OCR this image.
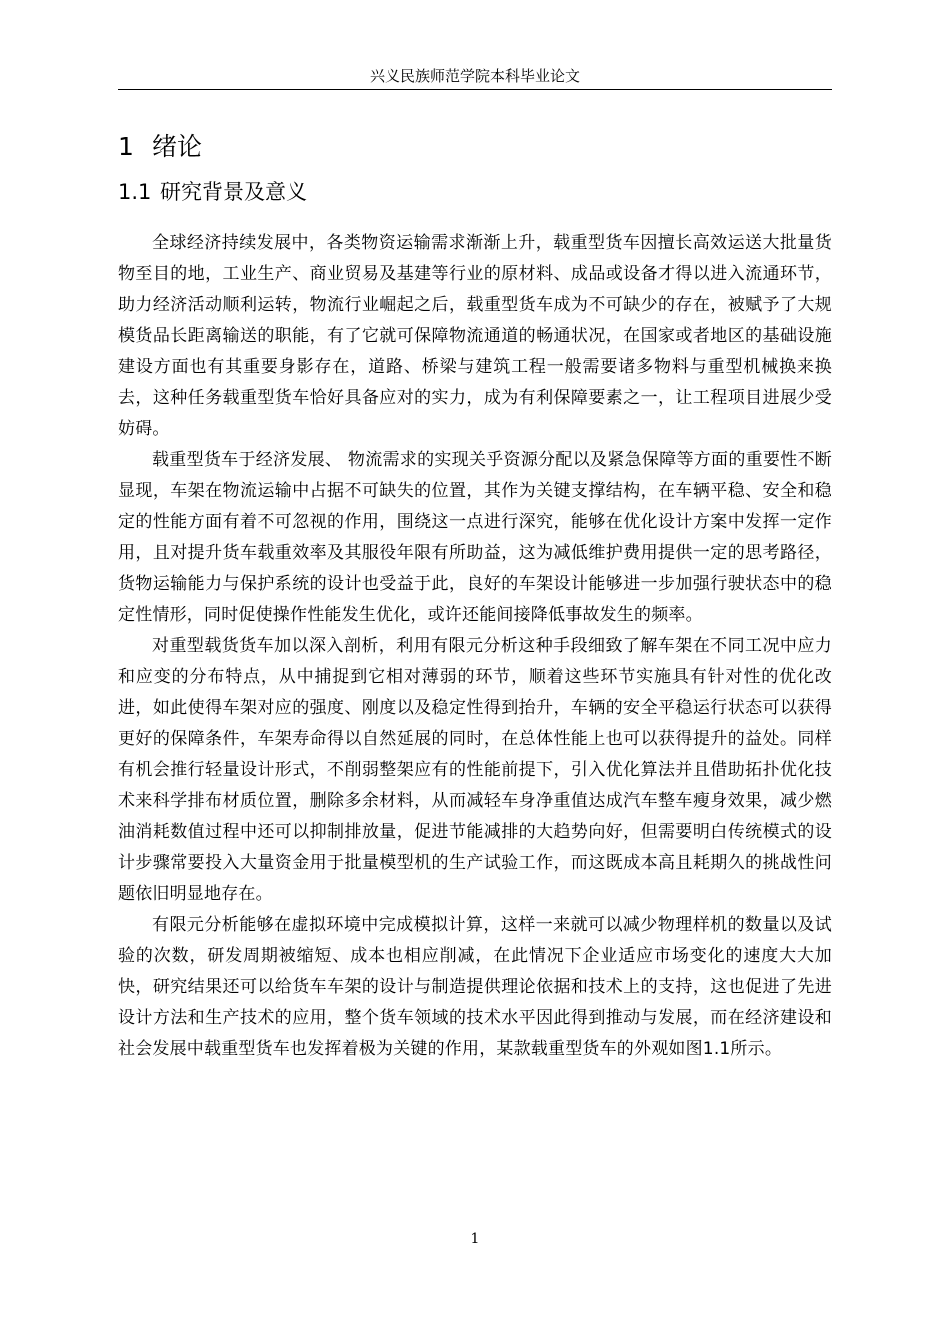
兴义民族师范学院本科毕业论文
1 绪论
1.1 研究背景及意义

全球经济持续发展中，各类物资运输需求渐渐上升，载重型货车因擅长高效运送大批量货物至目的地，工业生产、商业贸易及基建等行业的原材料、成品或设备才得以进入流通环节，助力经济活动顺利运转，物流行业崛起之后，载重型货车成为不可缺少的存在，被赋予了大规模货品长距离输送的职能，有了它就可保障物流通道的畅通状况，在国家或者地区的基础设施建设方面也有其重要身影存在，道路、桥梁与建筑工程一般需要诸多物料与重型机械换来换去，这种任务载重型货车恰好具备应对的实力，成为有利保障要素之一，让工程项目进展少受妨碍。

载重型货车于经济发展、 物流需求的实现关乎资源分配以及紧急保障等方面的重要性不断显现，车架在物流运输中占据不可缺失的位置，其作为关键支撑结构，在车辆平稳、安全和稳定的性能方面有着不可忽视的作用，围绕这一点进行深究，能够在优化设计方案中发挥一定作用，且对提升货车载重效率及其服役年限有所助益，这为减低维护费用提供一定的思考路径，货物运输能力与保护系统的设计也受益于此，良好的车架设计能够进一步加强行驶状态中的稳定性情形，同时促使操作性能发生优化，或许还能间接降低事故发生的频率。

对重型载货货车加以深入剖析，利用有限元分析这种手段细致了解车架在不同工况中应力和应变的分布特点，从中捕捉到它相对薄弱的环节，顺着这些环节实施具有针对性的优化改进，如此使得车架对应的强度、刚度以及稳定性得到抬升，车辆的安全平稳运行状态可以获得更好的保障条件，车架寿命得以自然延展的同时，在总体性能上也可以获得提升的益处。同样有机会推行轻量设计形式，不削弱整架应有的性能前提下，引入优化算法并且借助拓扑优化技术来科学排布材质位置，删除多余材料，从而减轻车身净重值达成汽车整车瘦身效果，减少燃油消耗数值过程中还可以抑制排放量，促进节能减排的大趋势向好，但需要明白传统模式的设计步骤常要投入大量资金用于批量模型机的生产试验工作，而这既成本高且耗期久的挑战性问题依旧明显地存在。

有限元分析能够在虚拟环境中完成模拟计算，这样一来就可以减少物理样机的数量以及试验的次数，研发周期被缩短、成本也相应削减，在此情况下企业适应市场变化的速度大大加快，研究结果还可以给货车车架的设计与制造提供理论依据和技术上的支持，这也促进了先进设计方法和生产技术的应用，整个货车领域的技术水平因此得到推动与发展，而在经济建设和社会发展中载重型货车也发挥着极为关键的作用，某款载重型货车的外观如图1.1所示。

1
